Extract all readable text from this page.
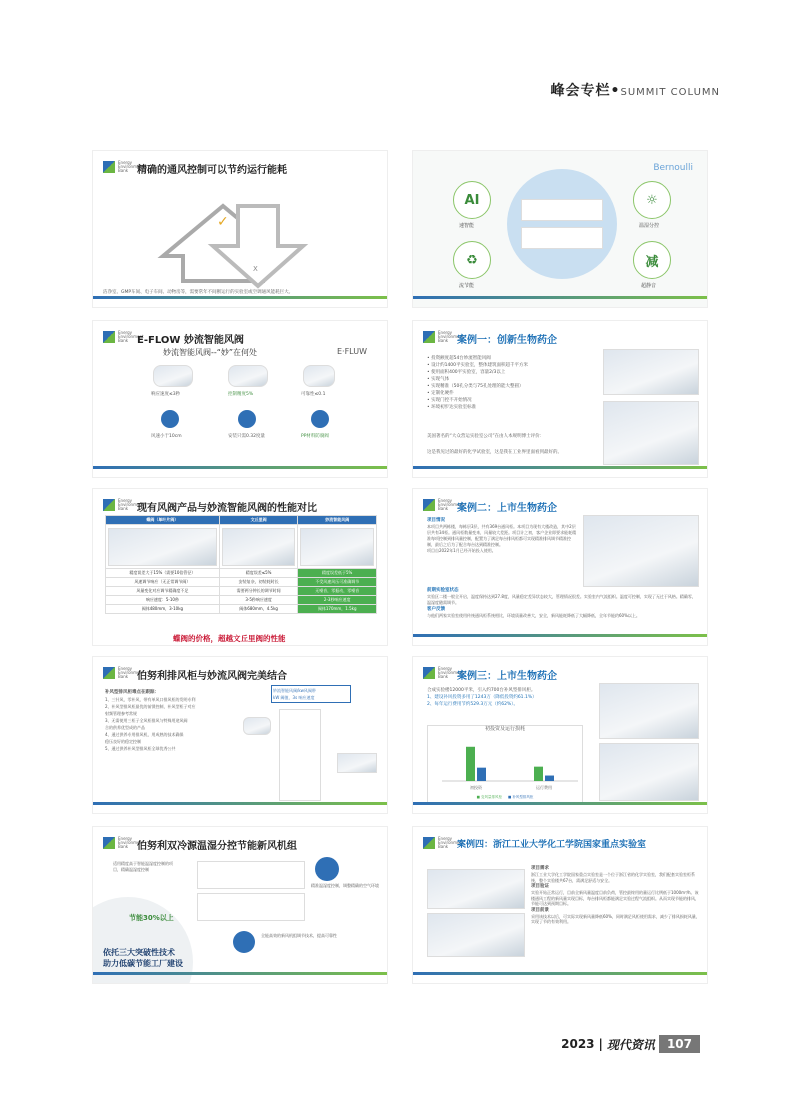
峰会专栏•SUMMIT COLUMN
Energy Environment Bank 精确的通风控制可以节约运行能耗
✓
X
洁净室、GMP车间、电子车间、动物房等，需要常年不间断运行的实验室或空调通风能耗巨大。
Bernoulli
AI
速智能
♻
流节能
☼
温湿分控
减
超静音
Energy Environment Bank E-FLOW 妙流智能风阀
妙流智能风阀--“妙”在何处	E·FLUW
响应速度≤3秒	控制精度5%	可靠性≤0.1
风速小于10cm	安装只需0.32度量	PP材料防腐阀
Energy Environment Bank 案例一：创新生物药企
• 投资额度超54台妙流智能风阀
• 设计约1400平实验室，整体建筑面积超千平方米
• 使用面积400平实验室，容量2/3以上
• 实现气体
• 实现精准（50孔分类与75孔处理的能大整圆）
• 定制化硬件
• 实现门控不开始情况
• 环境初步达实验室标准
美国著名的“大众营运实验室公司”在由人本规明博士评价：
这是我见过的最好的化学试验室，这是我在工业界里面看到最好的。
Energy Environment Bank 现有风阀产品与妙流智能风阀的性能对比
蝶阀（单叶片阀）	文丘里阀	妙流智能风阀

精度误差大于15%（需要10倍管径）	精度误差≤5%	精度误差低于5%
风速调节响应（无正常调节阀）	安装复杂，初装耗时长	不受风速风压可准确调节
风量变化对应调节精确度不足	需要两分钟长的调节时间	无噪音，零振动，零噪音
响应速度：5-10秒	3-5秒响应速度	2-3秒响应速度
阀体480mm，3-10kg	阀体680mm，4.5kg	阀体170mm，1.5kg
蝶阀的价格，超越文丘里阀的性能
Energy Environment Bank 案例二：上市生物药企
项目情况
本项目共两栋楼，每栋层3层，共有369台通风柜。本项目为现有大楼改造，其中2层层共有34柜。通风柜数量变来，风量较大差距。项目计之初，客户企业即要求能耗精准每项控制到排风量控制，配置为了满足每台排风柜都可实现精准排风调节精准控制，最后之后为了配合每台达到精准控制。
项目自2022年1月已经开始投入使用。
前期实验室状态
实验区二楼一般全开启，温度保持达到27.8度，风量稳定差异状态较大，管理情况很差。实验室内气流组织。温度可控制，实现了无过于风格。精确零，温湿度随需调节。
客户反馈
与他们两家实验室使用传统通风柜系统相比，环境质量改善大，安全，新风能耗降低了大幅降低，全年节能约60%以上。
Energy Environment Bank 伯努利排风柜与妙流风阀完美结合
补风型排风柜毒点在跟踪：
1、三针风，零补风，带有单风口排风柜的发明专利
2、补风型排风柜最优的前馈控制，补风型柜子对应
射频管理参考常规
3、无需使用三柜子全风柜排风与特殊用途风阀
合的供养优型成的产品
4、通过供养专用排风机，用成熟的技术确保
稳压良好的稳定控制
5、通过供养补风型排风柜全球优秀公共
妙流智能风阀/kw风阀带
kW 阈值，3s 响应速度
Energy Environment Bank 案例三：上市生物药企
合成实验楼12000平米，引入约700台补风型排风柜。
1、建设补风投资多用了1243万（降低投资约61.1%）
2、每年运行费用节约529.3万元（约62%）。
初投资及运行损耗
初投资	运行费用
■ 变风量排风柜 ■ 补风型排风柜
Energy Environment Bank 伯努利双冷源温湿分控节能新风机组
适用精度高于智能温湿度控制的项目，精确温湿度控制
精准温湿度控制，调整精确的空气环境
全能高效的新风机组调节技术，提高可靠性
节能30%以上
依托三大突破性技术
助力低碳节能工厂建设
Energy Environment Bank 案例四：浙江工业大学化工学院国家重点实验室
项目需求
浙江工业大学化工学院国家重点实验室是一个位于浙江省的化学实验室，我们配套实验室柜系统，整个实验楼共67台，需满足舒适与安全。
项目验证
实验开始正常运行，目前全新风量温度目前负荷，管控最终用的量运行比例低于1000m³/h。该楼通风工程的新风量实现目标，每台排风柜都能满足实验过程气流组织。从而实现节能的排风，节能可达到预期目标。
项目前景
采用该技术以后，可实际实现新风量降低60%，同时满足风柜使用需求，减少了排风损耗风量，实现了节约有效利用。
2023 | 现代资讯	107
